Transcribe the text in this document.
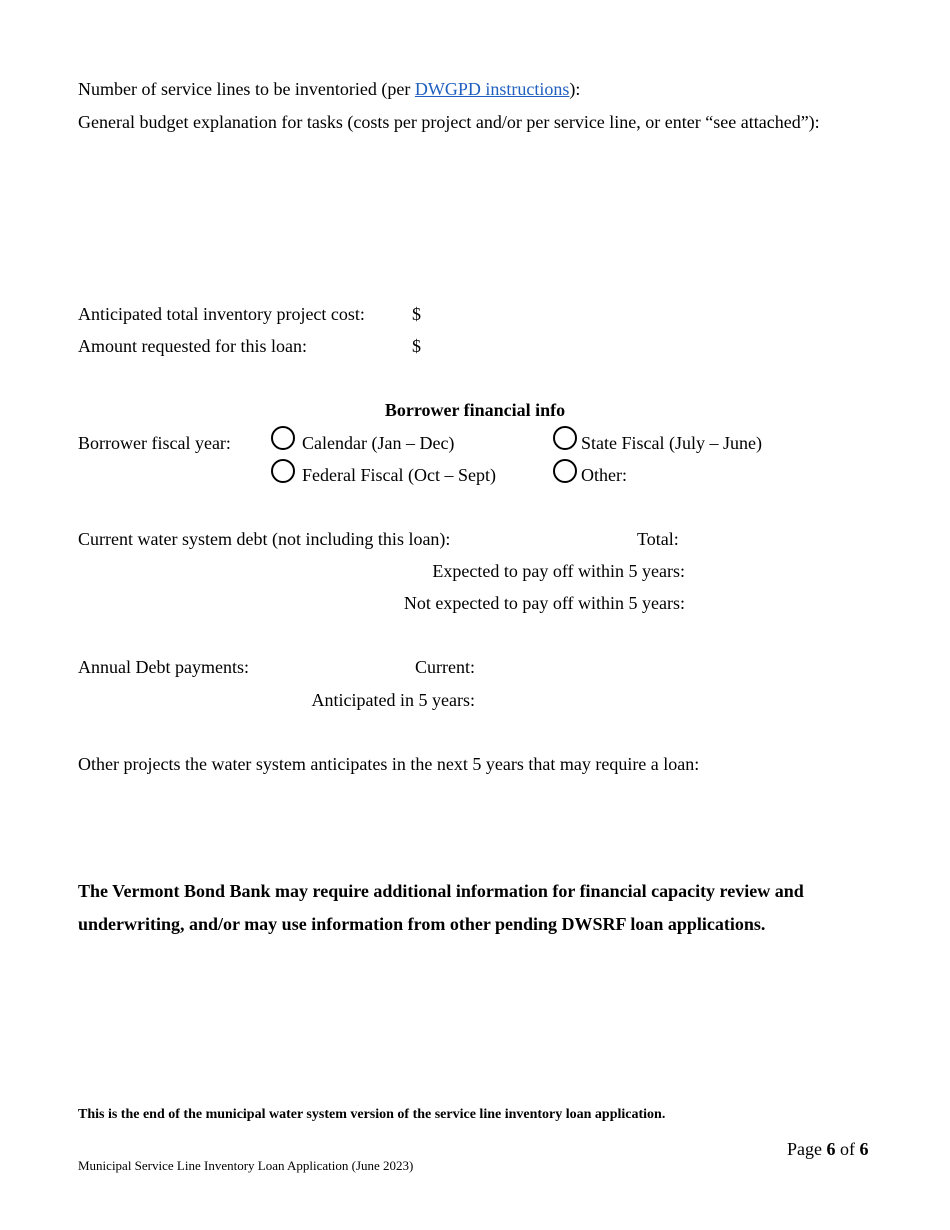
Number of service lines to be inventoried (per DWGPD instructions):
General budget explanation for tasks (costs per project and/or per service line, or enter “see attached”):
Anticipated total inventory project cost:	$
Amount requested for this loan:	$
Borrower financial info
Borrower fiscal year:	Calendar (Jan – Dec)	State Fiscal (July – June)
Federal Fiscal (Oct – Sept)	Other:
Current water system debt (not including this loan):	Total:
Expected to pay off within 5 years:
Not expected to pay off within 5 years:
Annual Debt payments:	Current:
Anticipated in 5 years:
Other projects the water system anticipates in the next 5 years that may require a loan:
The Vermont Bond Bank may require additional information for financial capacity review and underwriting, and/or may use information from other pending DWSRF loan applications.
This is the end of the municipal water system version of the service line inventory loan application.
Page 6 of 6
Municipal Service Line Inventory Loan Application (June 2023)
